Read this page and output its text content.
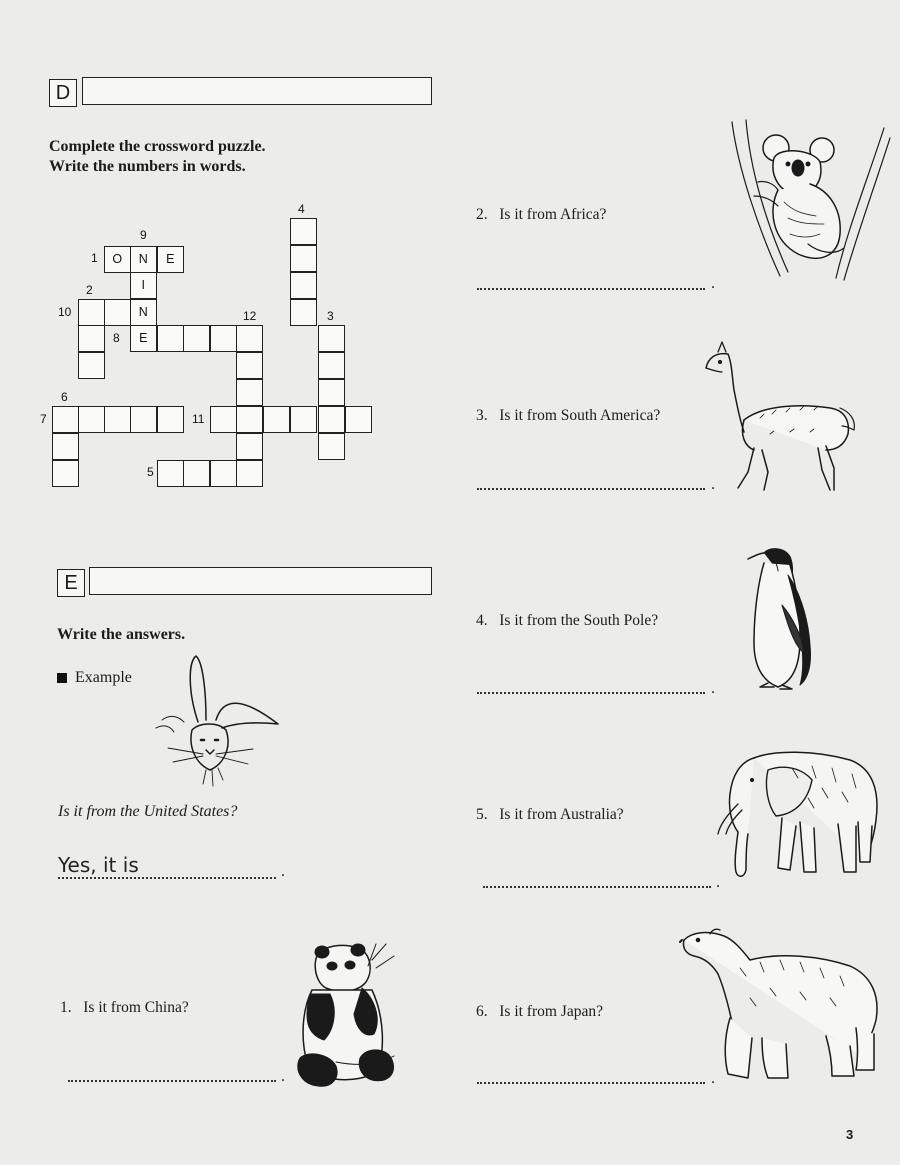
D
Complete the crossword puzzle.
Write the numbers in words.
O	N	E
I
N
E
1
2
3
4
5
6
7
8
9
10
11
12
E
Write the answers.
Example
Is it from the United States?
Yes, it is	.
1. Is it from China?
.
2. Is it from Africa?
.
3. Is it from South America?
.
4. Is it from the South Pole?
.
5. Is it from Australia?
.
6. Is it from Japan?
.
3
